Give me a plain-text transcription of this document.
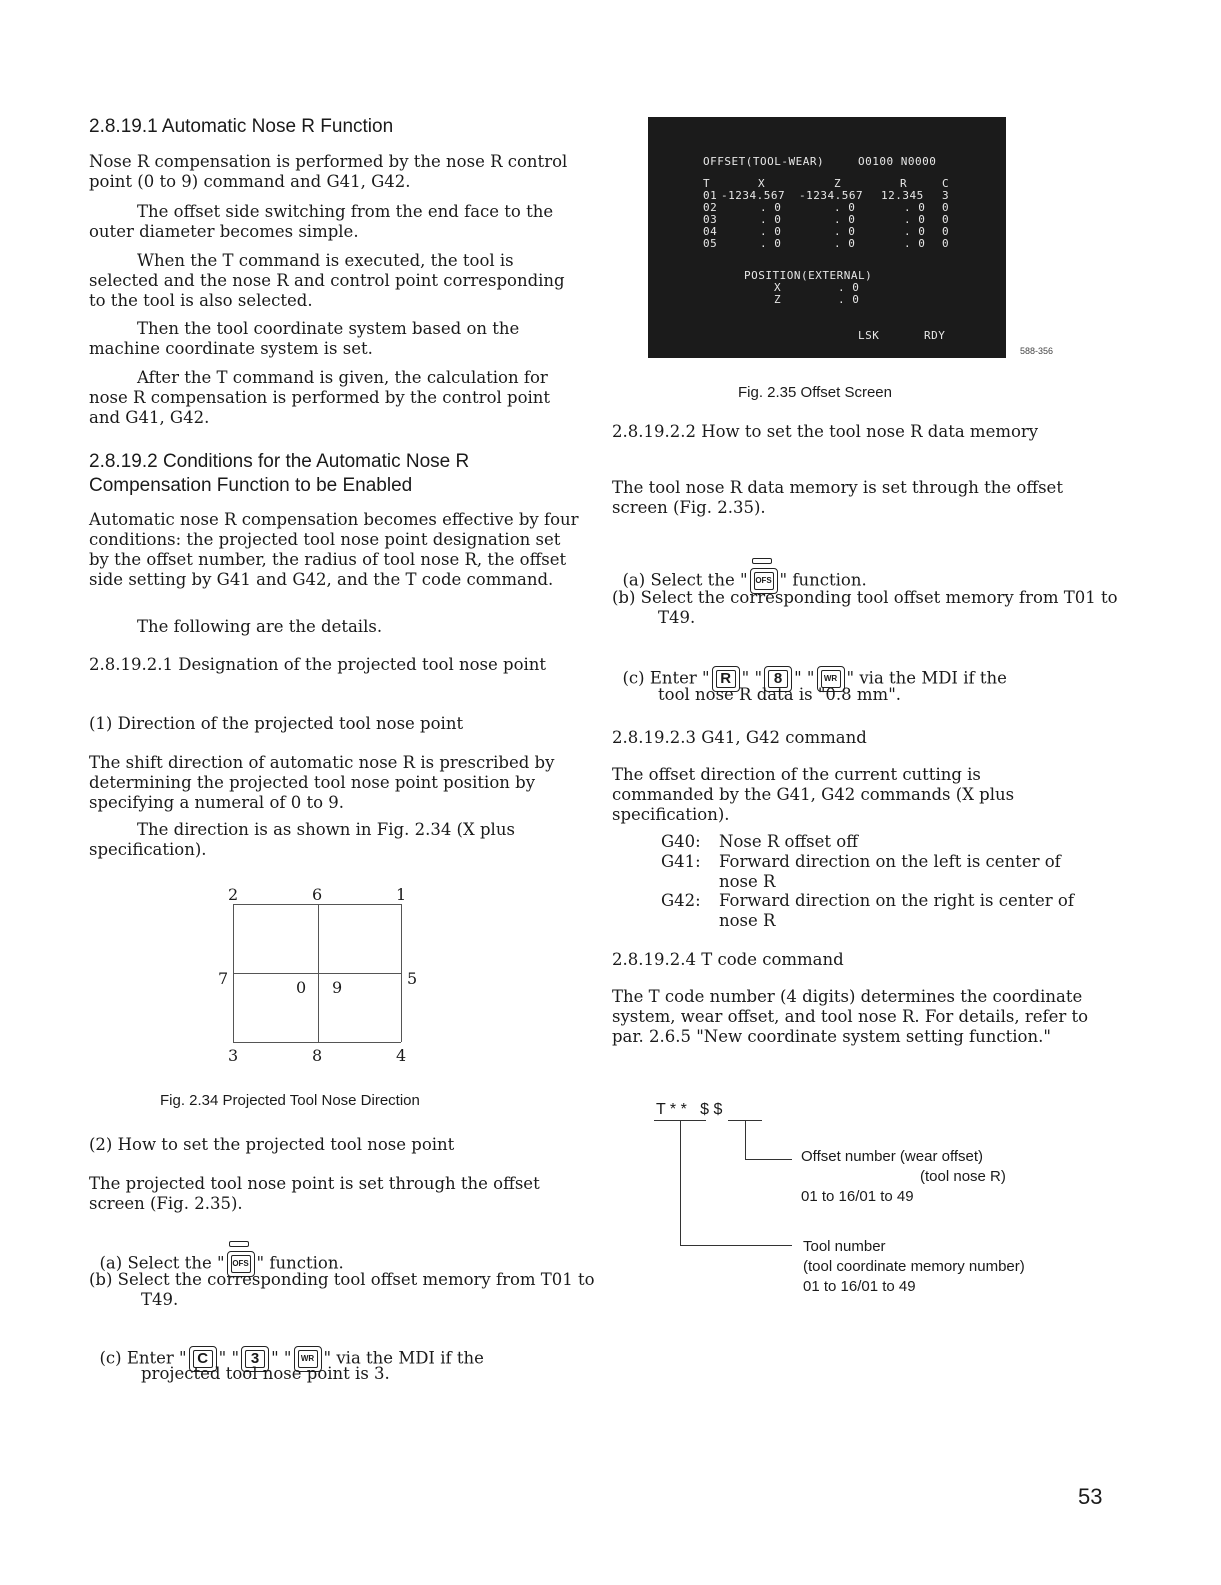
2.8.19.1 Automatic Nose R Function

Nose R compensation is performed by the nose R control point (0 to 9) command and G41, G42.

The offset side switching from the end face to the outer diameter becomes simple.

When the T command is executed, the tool is selected and the nose R and control point corresponding to the tool is also selected.

Then the tool coordinate system based on the machine coordinate system is set.

After the T command is given, the calculation for nose R compensation is performed by the control point and G41, G42.

2.8.19.2 Conditions for the Automatic Nose R Compensation Function to be Enabled

Automatic nose R compensation becomes effective by four conditions: the projected tool nose point designation set by the offset number, the radius of tool nose R, the offset side setting by G41 and G42, and the T code command.

The following are the details.

2.8.19.2.1 Designation of the projected tool nose point

(1) Direction of the projected tool nose point

The shift direction of automatic nose R is prescribed by determining the projected tool nose point position by specifying a numeral of 0 to 9.

The direction is as shown in Fig. 2.34 (X plus specification).

2	6	1
7	0 9	5
3	8	4
Fig. 2.34 Projected Tool Nose Direction

(2) How to set the projected tool nose point

The projected tool nose point is set through the offset screen (Fig. 2.35).

(a) Select the " OFS " function.

(b) Select the corresponding tool offset memory from T01 to T49.

(c) Enter " C " " 3 " "	WR " via the MDI if the

projected tool nose point is 3.

OFFSET(TOOL-WEAR)	O0100 N0000
T	X	Z	R	C
01 -1234.567 -1234.567 12.345 3
02	. 0	. 0	. 0 0
03	. 0	. 0	. 0 0
04	. 0	. 0	. 0 0
05	. 0	. 0	. 0 0
POSITION(EXTERNAL)
X	. 0
Z	. 0
LSK	RDY
588-356
Fig. 2.35 Offset Screen

2.8.19.2.2 How to set the tool nose R data memory

The tool nose R data memory is set through the offset screen (Fig. 2.35).

(a) Select the " OFS " function.

(b) Select the corresponding tool offset memory from T01 to T49.

(c) Enter " R " " 8 " "	WR " via the MDI if the

tool nose R data is "0.8 mm".

2.8.19.2.3 G41, G42 command

The offset direction of the current cutting is commanded by the G41, G42 commands (X plus specification).

G40: Nose R offset off
G41: Forward direction on the left is center of nose R
G42: Forward direction on the right is center of nose R

2.8.19.2.4 T code command

The T code number (4 digits) determines the coordinate system, wear offset, and tool nose R. For details, refer to par. 2.6.5 "New coordinate system setting function."

T * *   $ $
Offset number (wear offset)
(tool nose R)
01 to 16/01 to 49
Tool number
(tool coordinate memory number)
01 to 16/01 to 49
53
